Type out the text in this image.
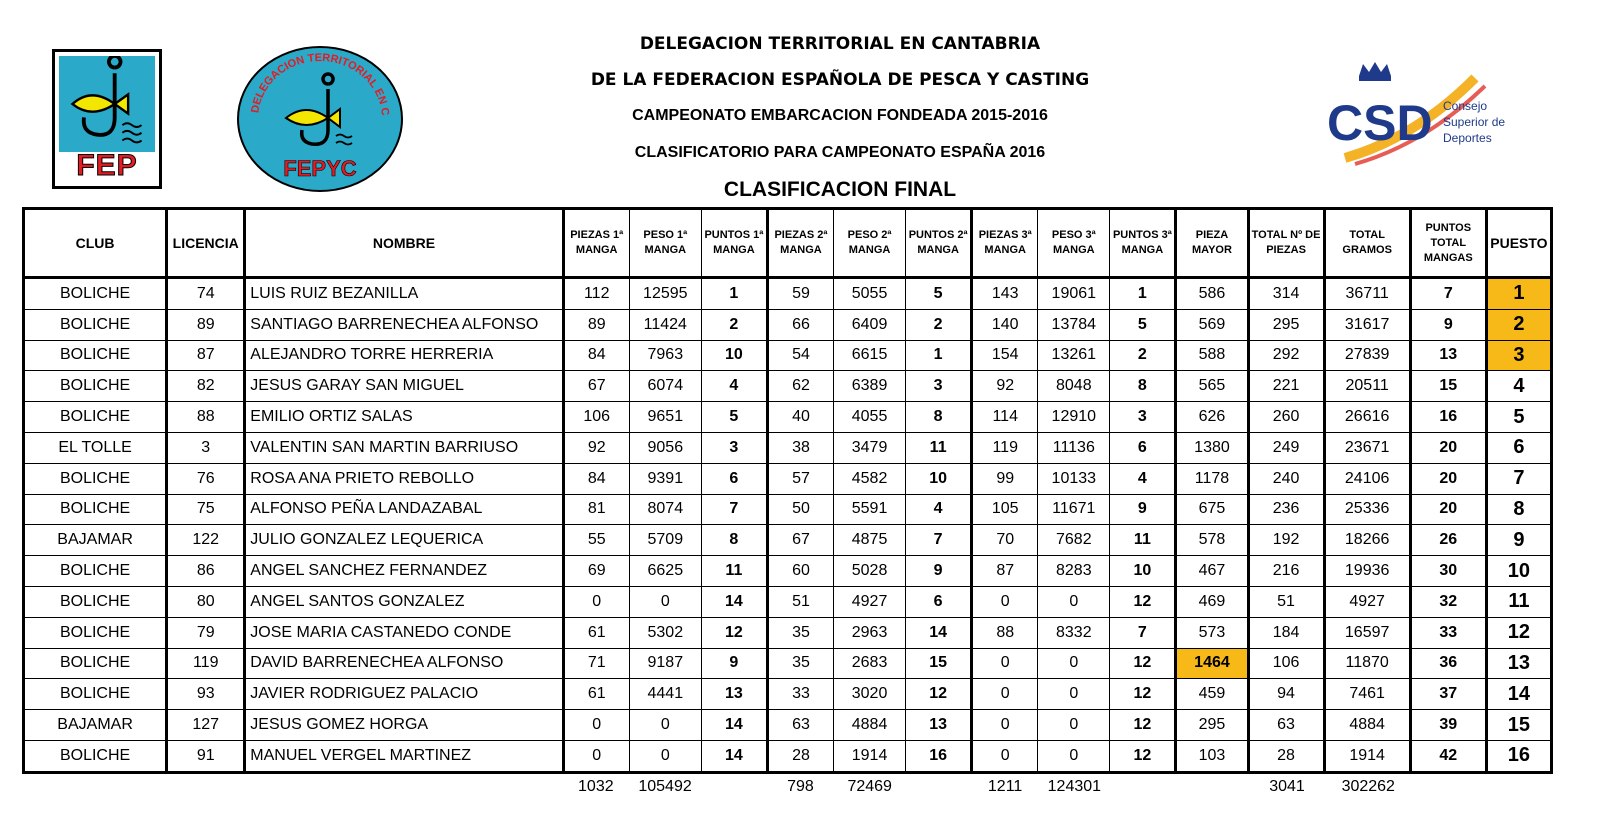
FEP
DELEGACION TERRITORIAL EN C
FEPYC
CSD Consejo
Superior de
Deportes
DELEGACION TERRITORIAL EN CANTABRIA
DE LA FEDERACION ESPAÑOLA DE PESCA Y CASTING
CAMPEONATO EMBARCACION FONDEADA 2015-2016
CLASIFICATORIO PARA CAMPEONATO ESPAÑA 2016
CLASIFICACION FINAL
CLUB	LICENCIA	NOMBRE	PIEZAS 1ª MANGA	PESO 1ª MANGA	PUNTOS 1ª MANGA	PIEZAS 2ª MANGA	PESO 2ª MANGA	PUNTOS 2ª MANGA	PIEZAS 3ª MANGA	PESO 3ª MANGA	PUNTOS 3ª MANGA	PIEZA MAYOR	TOTAL Nº DE PIEZAS	TOTAL GRAMOS	PUNTOS TOTAL MANGAS	PUESTO
BOLICHE	74	LUIS RUIZ BEZANILLA	112	12595	1	59	5055	5	143	19061	1	586	314	36711	7	1
BOLICHE	89	SANTIAGO BARRENECHEA ALFONSO	89	11424	2	66	6409	2	140	13784	5	569	295	31617	9	2
BOLICHE	87	ALEJANDRO TORRE HERRERIA	84	7963	10	54	6615	1	154	13261	2	588	292	27839	13	3
BOLICHE	82	JESUS GARAY SAN MIGUEL	67	6074	4	62	6389	3	92	8048	8	565	221	20511	15	4
BOLICHE	88	EMILIO ORTIZ SALAS	106	9651	5	40	4055	8	114	12910	3	626	260	26616	16	5
EL TOLLE	3	VALENTIN SAN MARTIN BARRIUSO	92	9056	3	38	3479	11	119	11136	6	1380	249	23671	20	6
BOLICHE	76	ROSA ANA PRIETO REBOLLO	84	9391	6	57	4582	10	99	10133	4	1178	240	24106	20	7
BOLICHE	75	ALFONSO PEÑA LANDAZABAL	81	8074	7	50	5591	4	105	11671	9	675	236	25336	20	8
BAJAMAR	122	JULIO GONZALEZ LEQUERICA	55	5709	8	67	4875	7	70	7682	11	578	192	18266	26	9
BOLICHE	86	ANGEL SANCHEZ FERNANDEZ	69	6625	11	60	5028	9	87	8283	10	467	216	19936	30	10
BOLICHE	80	ANGEL SANTOS GONZALEZ	0	0	14	51	4927	6	0	0	12	469	51	4927	32	11
BOLICHE	79	JOSE MARIA CASTANEDO CONDE	61	5302	12	35	2963	14	88	8332	7	573	184	16597	33	12
BOLICHE	119	DAVID BARRENECHEA ALFONSO	71	9187	9	35	2683	15	0	0	12	1464	106	11870	36	13
BOLICHE	93	JAVIER RODRIGUEZ PALACIO	61	4441	13	33	3020	12	0	0	12	459	94	7461	37	14
BAJAMAR	127	JESUS GOMEZ HORGA	0	0	14	63	4884	13	0	0	12	295	63	4884	39	15
BOLICHE	91	MANUEL VERGEL MARTINEZ	0	0	14	28	1914	16	0	0	12	103	28	1914	42	16
			1032	105492		798	72469		1211	124301			3041	302262		
